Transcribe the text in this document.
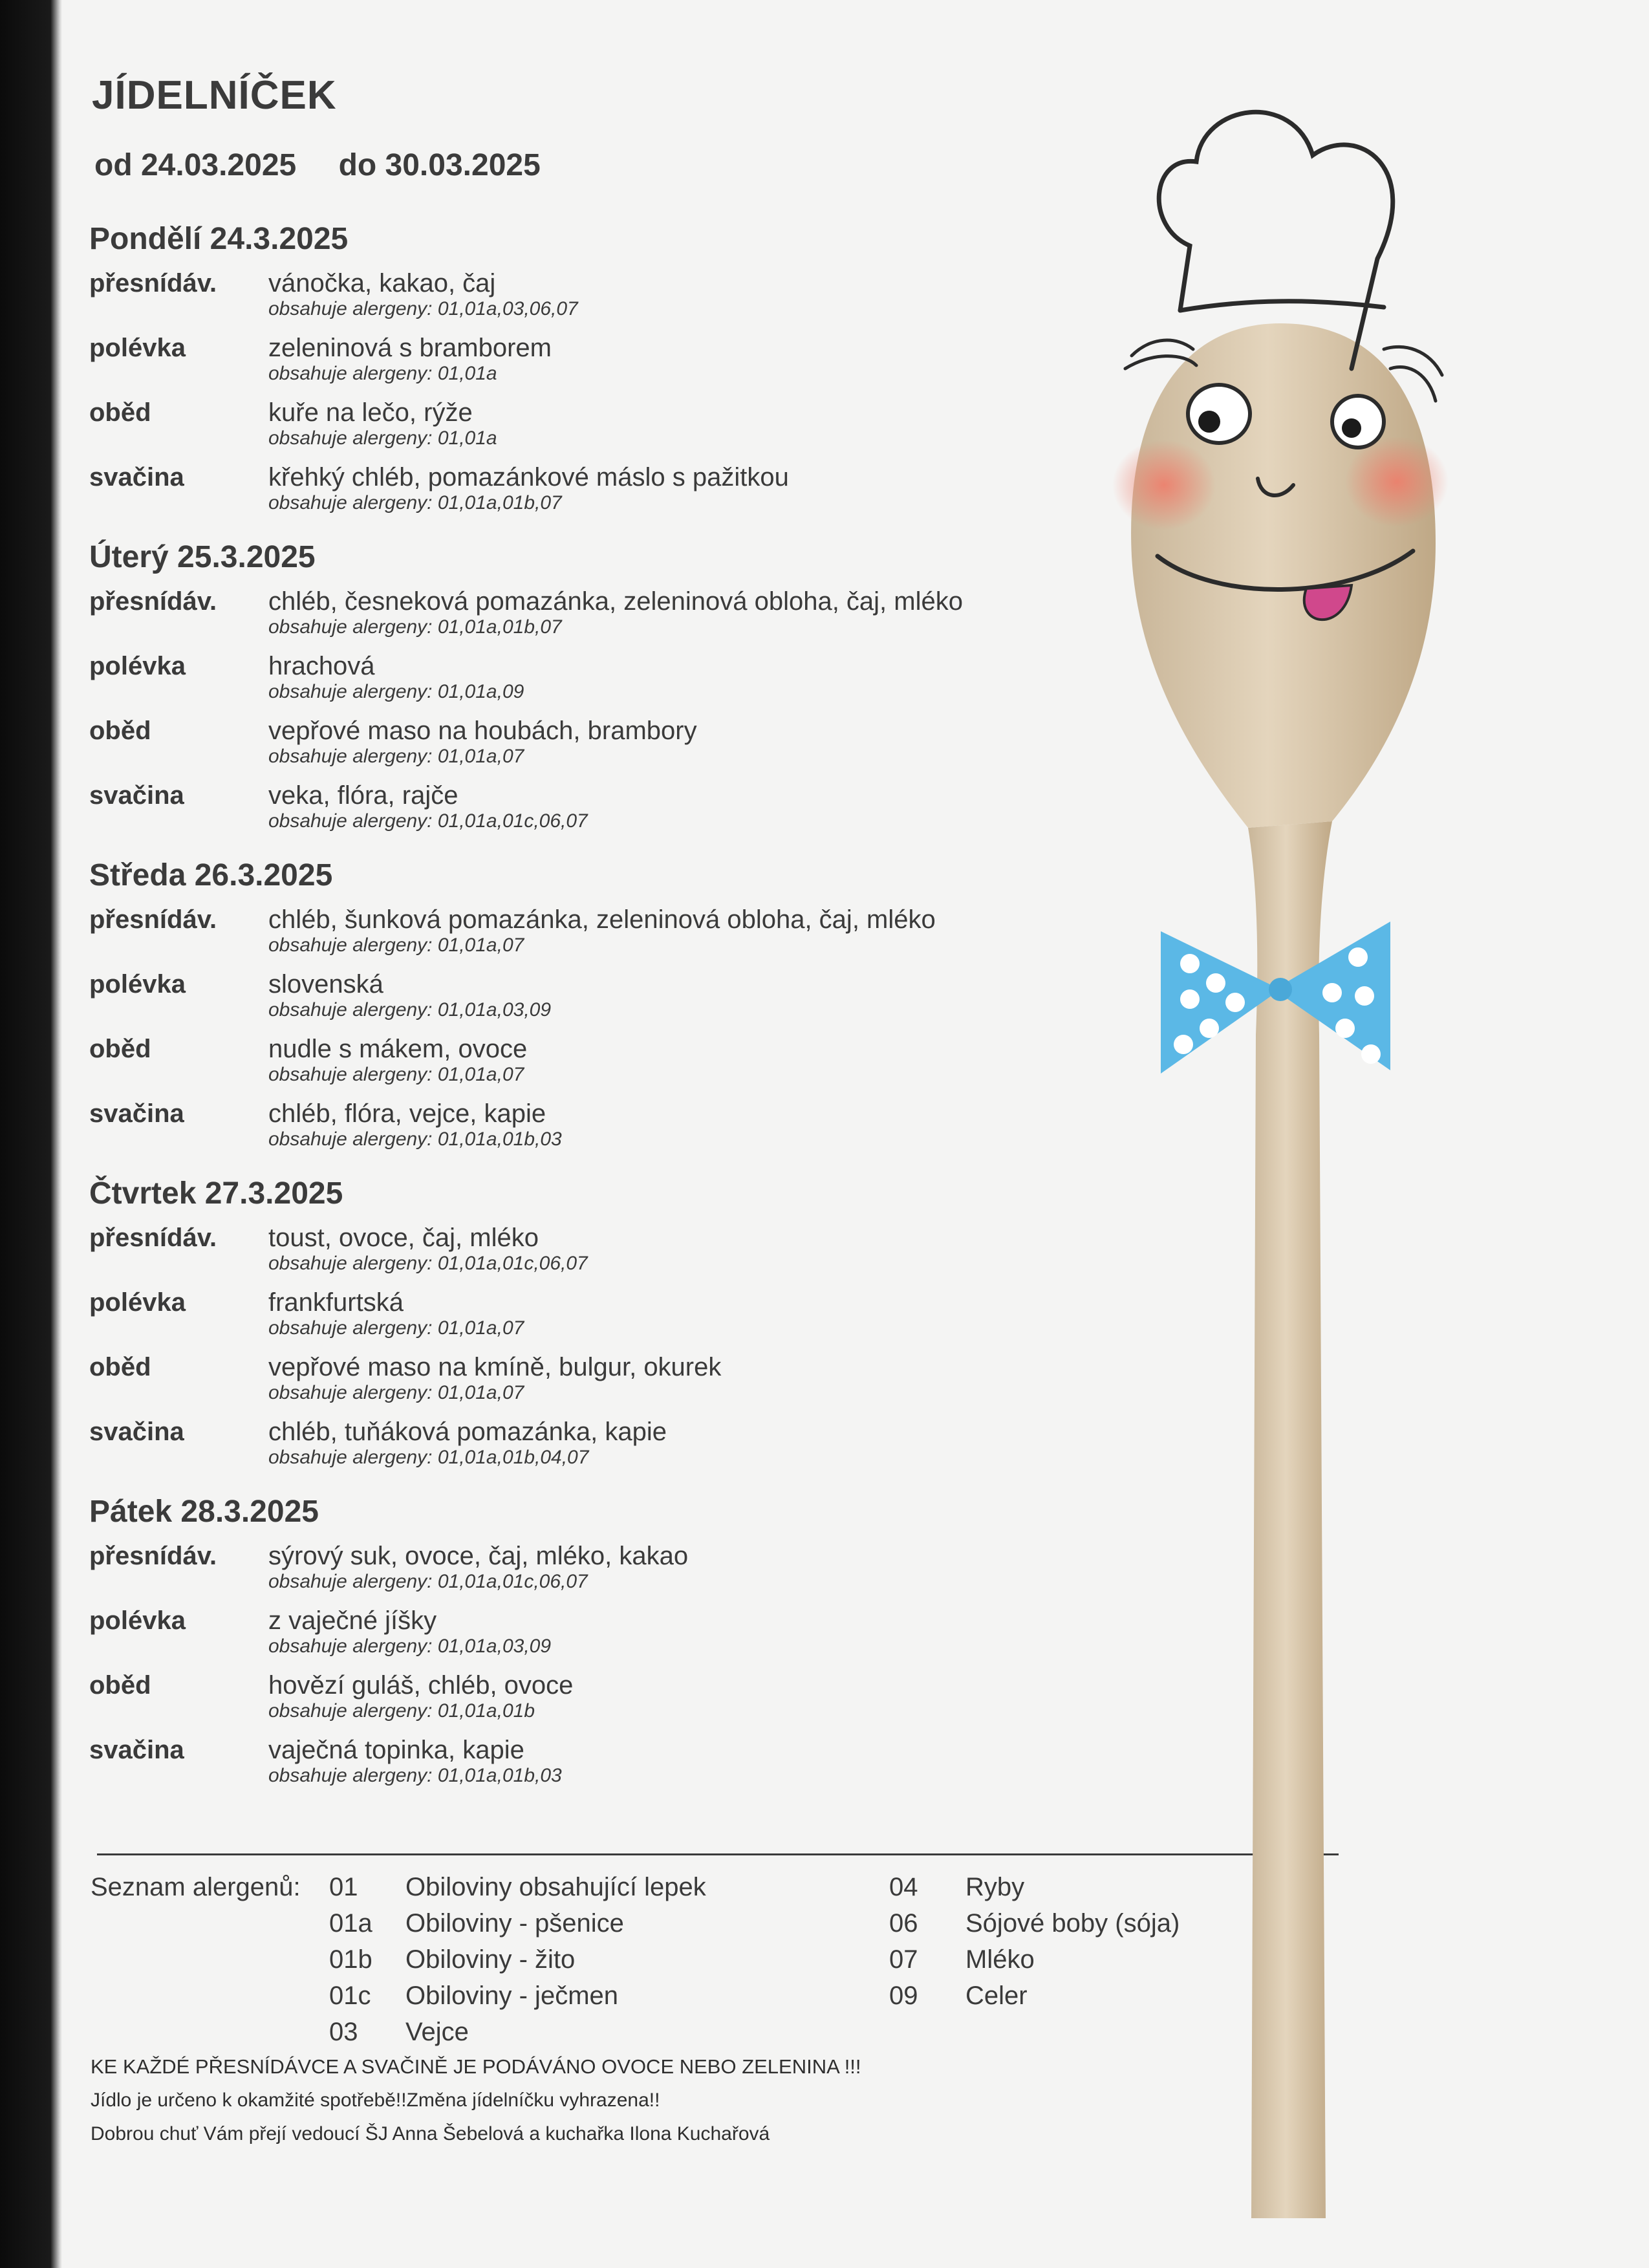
JÍDELNÍČEK
od 24.03.2025 do 30.03.2025
Pondělí 24.3.2025
přesnídáv.	vánočka, kakao, čaj
obsahuje alergeny: 01,01a,03,06,07
polévka	zeleninová s bramborem
obsahuje alergeny: 01,01a
oběd	kuře na lečo, rýže
obsahuje alergeny: 01,01a
svačina	křehký chléb, pomazánkové máslo s pažitkou
obsahuje alergeny: 01,01a,01b,07
Úterý 25.3.2025
přesnídáv.	chléb, česneková pomazánka, zeleninová obloha, čaj, mléko
obsahuje alergeny: 01,01a,01b,07
polévka	hrachová
obsahuje alergeny: 01,01a,09
oběd	vepřové maso na houbách, brambory
obsahuje alergeny: 01,01a,07
svačina	veka, flóra, rajče
obsahuje alergeny: 01,01a,01c,06,07
Středa 26.3.2025
přesnídáv.	chléb, šunková pomazánka, zeleninová obloha, čaj, mléko
obsahuje alergeny: 01,01a,07
polévka	slovenská
obsahuje alergeny: 01,01a,03,09
oběd	nudle s mákem, ovoce
obsahuje alergeny: 01,01a,07
svačina	chléb, flóra, vejce, kapie
obsahuje alergeny: 01,01a,01b,03
Čtvrtek 27.3.2025
přesnídáv.	toust, ovoce, čaj, mléko
obsahuje alergeny: 01,01a,01c,06,07
polévka	frankfurtská
obsahuje alergeny: 01,01a,07
oběd	vepřové maso na kmíně, bulgur, okurek
obsahuje alergeny: 01,01a,07
svačina	chléb, tuňáková pomazánka, kapie
obsahuje alergeny: 01,01a,01b,04,07
Pátek 28.3.2025
přesnídáv.	sýrový suk, ovoce, čaj, mléko, kakao
obsahuje alergeny: 01,01a,01c,06,07
polévka	z vaječné jíšky
obsahuje alergeny: 01,01a,03,09
oběd	hovězí guláš, chléb, ovoce
obsahuje alergeny: 01,01a,01b
svačina	vaječná topinka, kapie
obsahuje alergeny: 01,01a,01b,03
Seznam alergenů: 01 Obiloviny obsahující lepek
01a Obiloviny - pšenice
01b Obiloviny - žito
01c Obiloviny - ječmen
03 Vejce
04 Ryby
06 Sójové boby (sója)
07 Mléko
09 Celer
KE KAŽDÉ PŘESNÍDÁVCE A SVAČINĚ JE PODÁVÁNO OVOCE NEBO ZELENINA !!!
Jídlo je určeno k okamžité spotřebě!!Změna jídelníčku vyhrazena!!
Dobrou chuť Vám přejí vedoucí ŠJ Anna Šebelová a kuchařka Ilona Kuchařová
